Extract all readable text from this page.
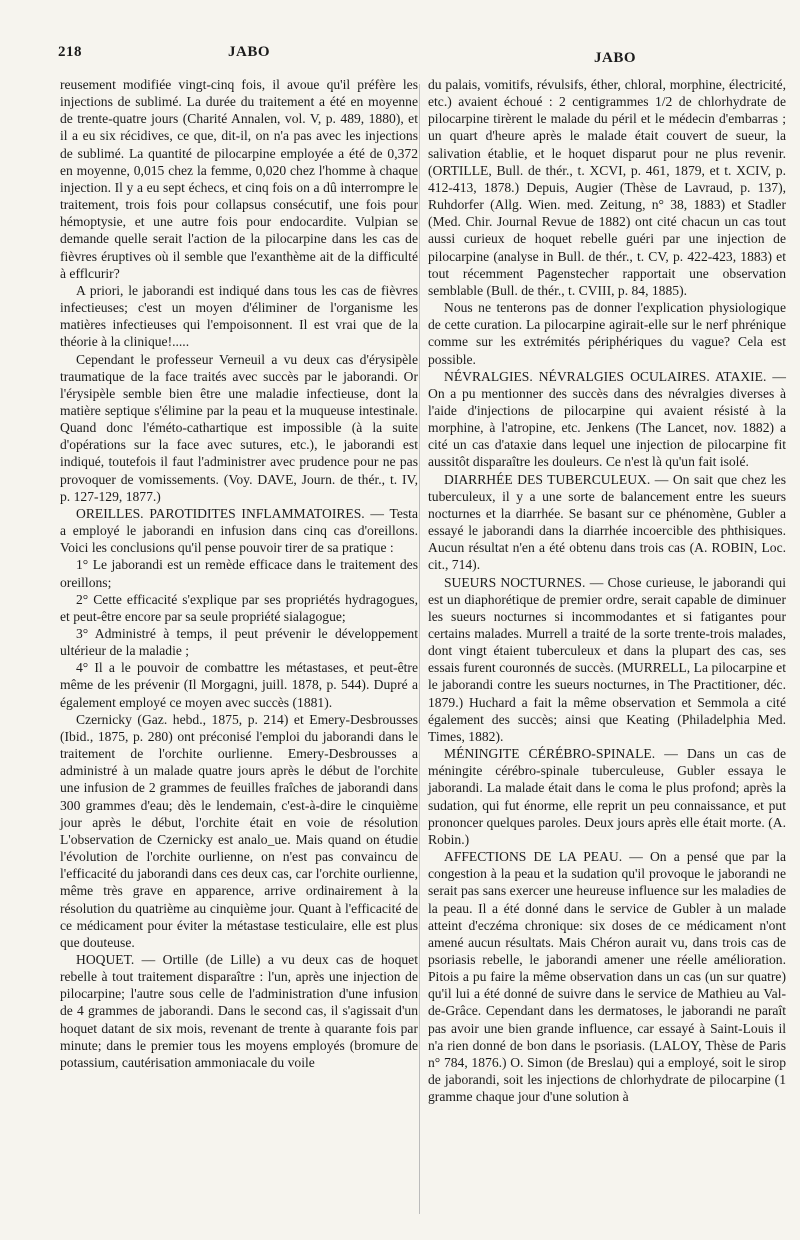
218	JABO	JABO

reusement modifiée vingt-cinq fois, il avoue qu'il préfère les injections de sublimé. La durée du traitement a été en moyenne de trente-quatre jours (Charité Annalen, vol. V, p. 489, 1880), et il a eu six récidives, ce que, dit-il, on n'a pas avec les injections de sublimé. La quantité de pilocarpine employée a été de 0,372 en moyenne, 0,015 chez la femme, 0,020 chez l'homme à chaque injection. Il y a eu sept échecs, et cinq fois on a dû interrompre le traitement, trois fois pour collapsus consécutif, une fois pour hémoptysie, et une autre fois pour endocardite. Vulpian se demande quelle serait l'action de la pilocarpine dans les cas de fièvres éruptives où il semble que l'exanthème ait de la difficulté à efflcurir?

A priori, le jaborandi est indiqué dans tous les cas de fièvres infectieuses; c'est un moyen d'éliminer de l'organisme les matières infectieuses qui l'empoisonnent. Il est vrai que de la théorie à la clinique!.....

Cependant le professeur Verneuil a vu deux cas d'érysipèle traumatique de la face traités avec succès par le jaborandi. Or l'érysipèle semble bien être une maladie infectieuse, dont la matière septique s'élimine par la peau et la muqueuse intestinale. Quand donc l'éméto-cathartique est impossible (à la suite d'opérations sur la face avec sutures, etc.), le jaborandi est indiqué, toutefois il faut l'administrer avec prudence pour ne pas provoquer de vomissements. (Voy. DAVE, Journ. de thér., t. IV, p. 127-129, 1877.)

OREILLES. PAROTIDITES INFLAMMATOIRES. — Testa a employé le jaborandi en infusion dans cinq cas d'oreillons. Voici les conclusions qu'il pense pouvoir tirer de sa pratique :

1° Le jaborandi est un remède efficace dans le traitement des oreillons;

2° Cette efficacité s'explique par ses propriétés hydragogues, et peut-être encore par sa seule propriété sialagogue;

3° Administré à temps, il peut prévenir le développement ultérieur de la maladie ;

4° Il a le pouvoir de combattre les métastases, et peut-être même de les prévenir (Il Morgagni, juill. 1878, p. 544). Dupré a également employé ce moyen avec succès (1881).

Czernicky (Gaz. hebd., 1875, p. 214) et Emery-Desbrousses (Ibid., 1875, p. 280) ont préconisé l'emploi du jaborandi dans le traitement de l'orchite ourlienne. Emery-Desbrousses a administré à un malade quatre jours après le début de l'orchite une infusion de 2 grammes de feuilles fraîches de jaborandi dans 300 grammes d'eau; dès le lendemain, c'est-à-dire le cinquième jour après le début, l'orchite était en voie de résolution L'observation de Czernicky est analo_ue. Mais quand on étudie l'évolution de l'orchite ourlienne, on n'est pas convaincu de l'efficacité du jaborandi dans ces deux cas, car l'orchite ourlienne, même très grave en apparence, arrive ordinairement à la résolution du quatrième au cinquième jour. Quant à l'efficacité de ce médicament pour éviter la métastase testiculaire, elle est plus que douteuse.

HOQUET. — Ortille (de Lille) a vu deux cas de hoquet rebelle à tout traitement disparaître : l'un, après une injection de pilocarpine; l'autre sous celle de l'administration d'une infusion de 4 grammes de jaborandi. Dans le second cas, il s'agissait d'un hoquet datant de six mois, revenant de trente à quarante fois par minute; dans le premier tous les moyens employés (bromure de potassium, cautérisation ammoniacale du voile

du palais, vomitifs, révulsifs, éther, chloral, morphine, électricité, etc.) avaient échoué : 2 centigrammes 1/2 de chlorhydrate de pilocarpine tirèrent le malade du péril et le médecin d'embarras ; un quart d'heure après le malade était couvert de sueur, la salivation établie, et le hoquet disparut pour ne plus revenir. (ORTILLE, Bull. de thér., t. XCVI, p. 461, 1879, et t. XCIV, p. 412-413, 1878.) Depuis, Augier (Thèse de Lavraud, p. 137), Ruhdorfer (Allg. Wien. med. Zeitung, n° 38, 1883) et Stadler (Med. Chir. Journal Revue de 1882) ont cité chacun un cas tout aussi curieux de hoquet rebelle guéri par une injection de pilocarpine (analyse in Bull. de thér., t. CV, p. 422-423, 1883) et tout récemment Pagenstecher rapportait une observation semblable (Bull. de thér., t. CVIII, p. 84, 1885).

Nous ne tenterons pas de donner l'explication physiologique de cette curation. La pilocarpine agirait-elle sur le nerf phrénique comme sur les extrémités périphériques du vague? Cela est possible.

NÉVRALGIES. NÉVRALGIES OCULAIRES. ATAXIE. — On a pu mentionner des succès dans des névralgies diverses à l'aide d'injections de pilocarpine qui avaient résisté à la morphine, à l'atropine, etc. Jenkens (The Lancet, nov. 1882) a cité un cas d'ataxie dans lequel une injection de pilocarpine fit aussitôt disparaître les douleurs. Ce n'est là qu'un fait isolé.

DIARRHÉE DES TUBERCULEUX. — On sait que chez les tuberculeux, il y a une sorte de balancement entre les sueurs nocturnes et la diarrhée. Se basant sur ce phénomène, Gubler a essayé le jaborandi dans la diarrhée incoercible des phthisiques. Aucun résultat n'en a été obtenu dans trois cas (A. ROBIN, Loc. cit., 714).

SUEURS NOCTURNES. — Chose curieuse, le jaborandi qui est un diaphorétique de premier ordre, serait capable de diminuer les sueurs nocturnes si incommodantes et si fatigantes pour certains malades. Murrell a traité de la sorte trente-trois malades, dont vingt étaient tuberculeux et dans la plupart des cas, ses essais furent couronnés de succès. (MURRELL, La pilocarpine et le jaborandi contre les sueurs nocturnes, in The Practitioner, déc. 1879.) Huchard a fait la même observation et Semmola a cité également des succès; ainsi que Keating (Philadelphia Med. Times, 1882).

MÉNINGITE CÉRÉBRO-SPINALE. — Dans un cas de méningite cérébro-spinale tuberculeuse, Gubler essaya le jaborandi. La malade était dans le coma le plus profond; après la sudation, qui fut énorme, elle reprit un peu connaissance, et put prononcer quelques paroles. Deux jours après elle était morte. (A. Robin.)

AFFECTIONS DE LA PEAU. — On a pensé que par la congestion à la peau et la sudation qu'il provoque le jaborandi ne serait pas sans exercer une heureuse influence sur les maladies de la peau. Il a été donné dans le service de Gubler à un malade atteint d'eczéma chronique: six doses de ce médicament n'ont amené aucun résultats. Mais Chéron aurait vu, dans trois cas de psoriasis rebelle, le jaborandi amener une réelle amélioration. Pitois a pu faire la même observation dans un cas (un sur quatre) qu'il lui a été donné de suivre dans le service de Mathieu au Val-de-Grâce. Cependant dans les dermatoses, le jaborandi ne paraît pas avoir une bien grande influence, car essayé à Saint-Louis il n'a rien donné de bon dans le psoriasis. (LALOY, Thèse de Paris n° 784, 1876.) O. Simon (de Breslau) qui a employé, soit le sirop de jaborandi, soit les injections de chlorhydrate de pilocarpine (1 gramme chaque jour d'une solution à
